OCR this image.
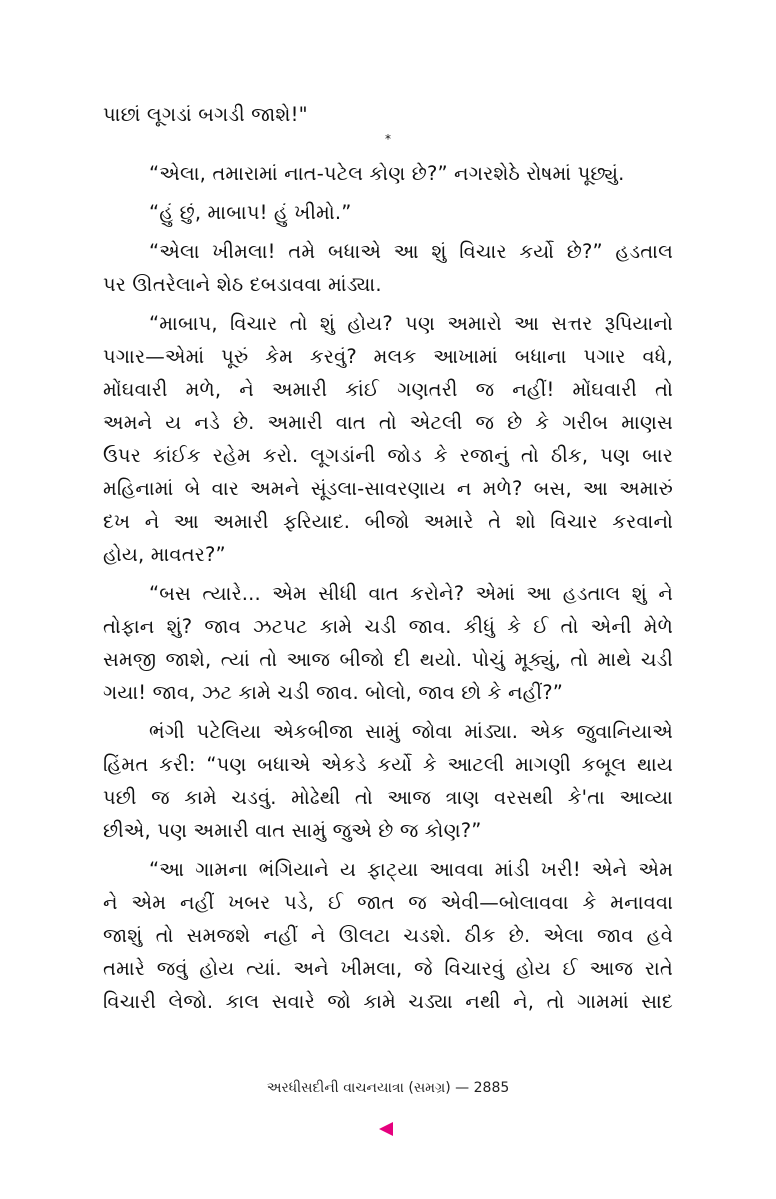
પાછાં લૂગડાં બગડી જાશે!"
*
“એલા, તમારામાં નાત-પટેલ કોણ છે?” નગરશેઠે રોષમાં પૂછ્યું.
“હું છું, માબાપ! હું ખીમો.”
“એલા ખીમલા! તમે બધાએ આ શું વિચાર કર્યો છે?” હડતાલ
પર ઊતરેલાને શેઠ દબડાવવા માંડ્યા.
“માબાપ, વિચાર તો શું હોય? પણ અમારો આ સત્તર રૂપિયાનો
પગાર—એમાં પૂરું કેમ કરવું? મલક આખામાં બધાના પગાર વધે,
મોંઘવારી મળે, ને અમારી કાંઈ ગણતરી જ નહીં! મોંઘવારી તો
અમને ય નડે છે. અમારી વાત તો એટલી જ છે કે ગરીબ માણસ
ઉપર કાંઈક રહેમ કરો. લૂગડાંની જોડ કે રજાનું તો ઠીક, પણ બાર
મહિનામાં બે વાર અમને સૂંડલા-સાવરણાય ન મળે? બસ, આ અમારું
દખ ને આ અમારી ફરિયાદ. બીજો અમારે તે શો વિચાર કરવાનો
હોય, માવતર?”
“બસ ત્યારે... એમ સીધી વાત કરોને? એમાં આ હડતાલ શું ને
તોફાન શું? જાવ ઝટપટ કામે ચડી જાવ. કીધું કે ઈ તો એની મેળે
સમજી જાશે, ત્યાં તો આજ બીજો દી થયો. પોચું મૂક્યું, તો માથે ચડી
ગયા! જાવ, ઝટ કામે ચડી જાવ. બોલો, જાવ છો કે નહીં?”
ભંગી પટેલિયા એકબીજા સામું જોવા માંડ્યા. એક જુવાનિયાએ
હિંમત કરી: “પણ બધાએ એકડે કર્યો કે આટલી માગણી કબૂલ થાય
પછી જ કામે ચડવું. મોઢેથી તો આજ ત્રાણ વરસથી કે'તા આવ્યા
છીએ, પણ અમારી વાત સામું જુએ છે જ કોણ?”
“આ ગામના ભંગિયાને ય ફાટ્યા આવવા માંડી ખરી! એને એમ
ને એમ નહીં ખબર પડે, ઈ જાત જ એવી—બોલાવવા કે મનાવવા
જાશું તો સમજશે નહીં ને ઊલટા ચડશે. ઠીક છે. એલા જાવ હવે
તમારે જવું હોય ત્યાં. અને ખીમલા, જે વિચારવું હોય ઈ આજ રાતે
વિચારી લેજો. કાલ સવારે જો કામે ચડ્યા નથી ને, તો ગામમાં સાદ
અરધીસદીની વાચનયાત્રા (સમગ્ર) — 2885
